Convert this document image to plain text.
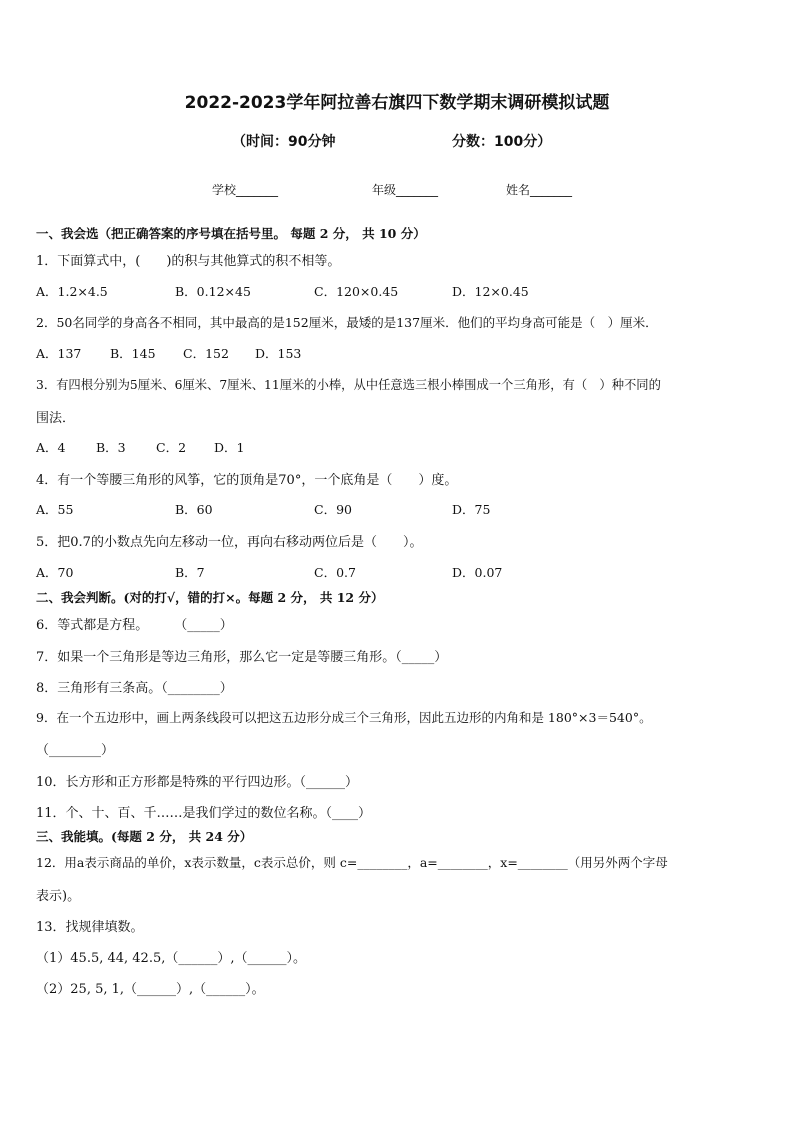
2022-2023学年阿拉善右旗四下数学期末调研模拟试题
（时间：90分钟	分数：100分）
学校_______	年级_______	姓名_______
一、我会选（把正确答案的序号填在括号里。 每题 2 分， 共 10 分）
1．下面算式中，(　　)的积与其他算式的积不相等。
A．1.2×4.5	B．0.12×45	C．120×0.45	D．12×0.45
2．50名同学的身高各不相同，其中最高的是152厘米，最矮的是137厘米．他们的平均身高可能是（　）厘米．
A．137 B．145 C．152 D．153
3．有四根分别为5厘米、6厘米、7厘米、11厘米的小棒，从中任意选三根小棒围成一个三角形，有（　）种不同的
围法．
A．4 B．3 C．2 D．1
4．有一个等腰三角形的风筝，它的顶角是70°，一个底角是（　　）度。
A．55	B．60	C．90	D．75
5．把0.7的小数点先向左移动一位，再向右移动两位后是（　　）。
A．70	B．7	C．0.7	D．0.07
二、我会判断。(对的打√，错的打×。每题 2 分， 共 12 分）
6．等式都是方程。　　　（_____）
7．如果一个三角形是等边三角形，那么它一定是等腰三角形。（_____）
8．三角形有三条高。（________）
9．在一个五边形中，画上两条线段可以把这五边形分成三个三角形，因此五边形的内角和是 180°×3＝540°。
（________）
10．长方形和正方形都是特殊的平行四边形。（______）
11．个、十、百、千……是我们学过的数位名称。（____）
三、我能填。(每题 2 分， 共 24 分）
12．用a表示商品的单价，x表示数量，c表示总价，则 c=________，a=________，x=________（用另外两个字母
表示)。
13．找规律填数。
（1）45.5, 44, 42.5,（______）,（______）。
（2）25, 5, 1,（______）,（______）。
